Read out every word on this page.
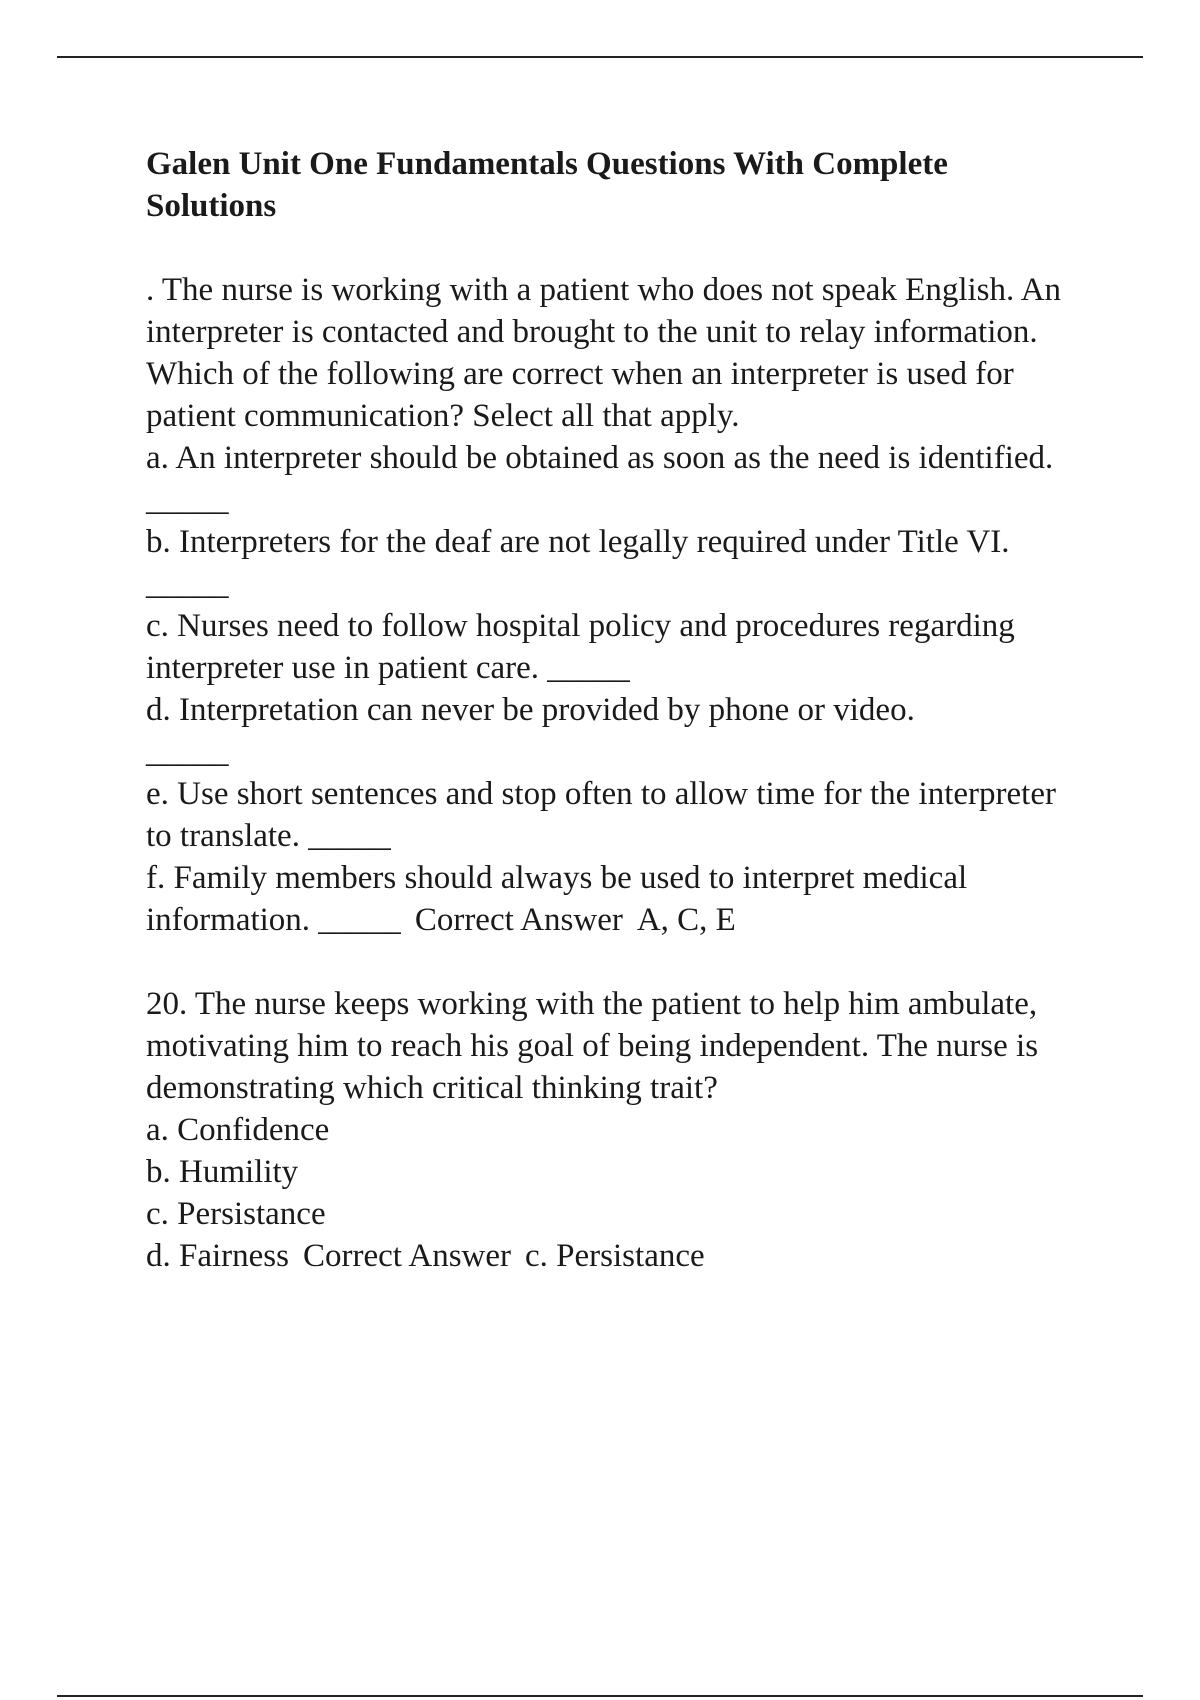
Galen Unit One Fundamentals Questions With Complete Solutions
. The nurse is working with a patient who does not speak English. An interpreter is contacted and brought to the unit to relay information. Which of the following are correct when an interpreter is used for patient communication? Select all that apply.
a. An interpreter should be obtained as soon as the need is identified. _____
b. Interpreters for the deaf are not legally required under Title VI. _____
c. Nurses need to follow hospital policy and procedures regarding interpreter use in patient care. _____
d. Interpretation can never be provided by phone or video.
_____
e. Use short sentences and stop often to allow time for the interpreter to translate. _____
f. Family members should always be used to interpret medical information. _____ Correct Answer A, C, E
20. The nurse keeps working with the patient to help him ambulate, motivating him to reach his goal of being independent. The nurse is demonstrating which critical thinking trait?
a. Confidence
b. Humility
c. Persistance
d. Fairness Correct Answer c. Persistance
